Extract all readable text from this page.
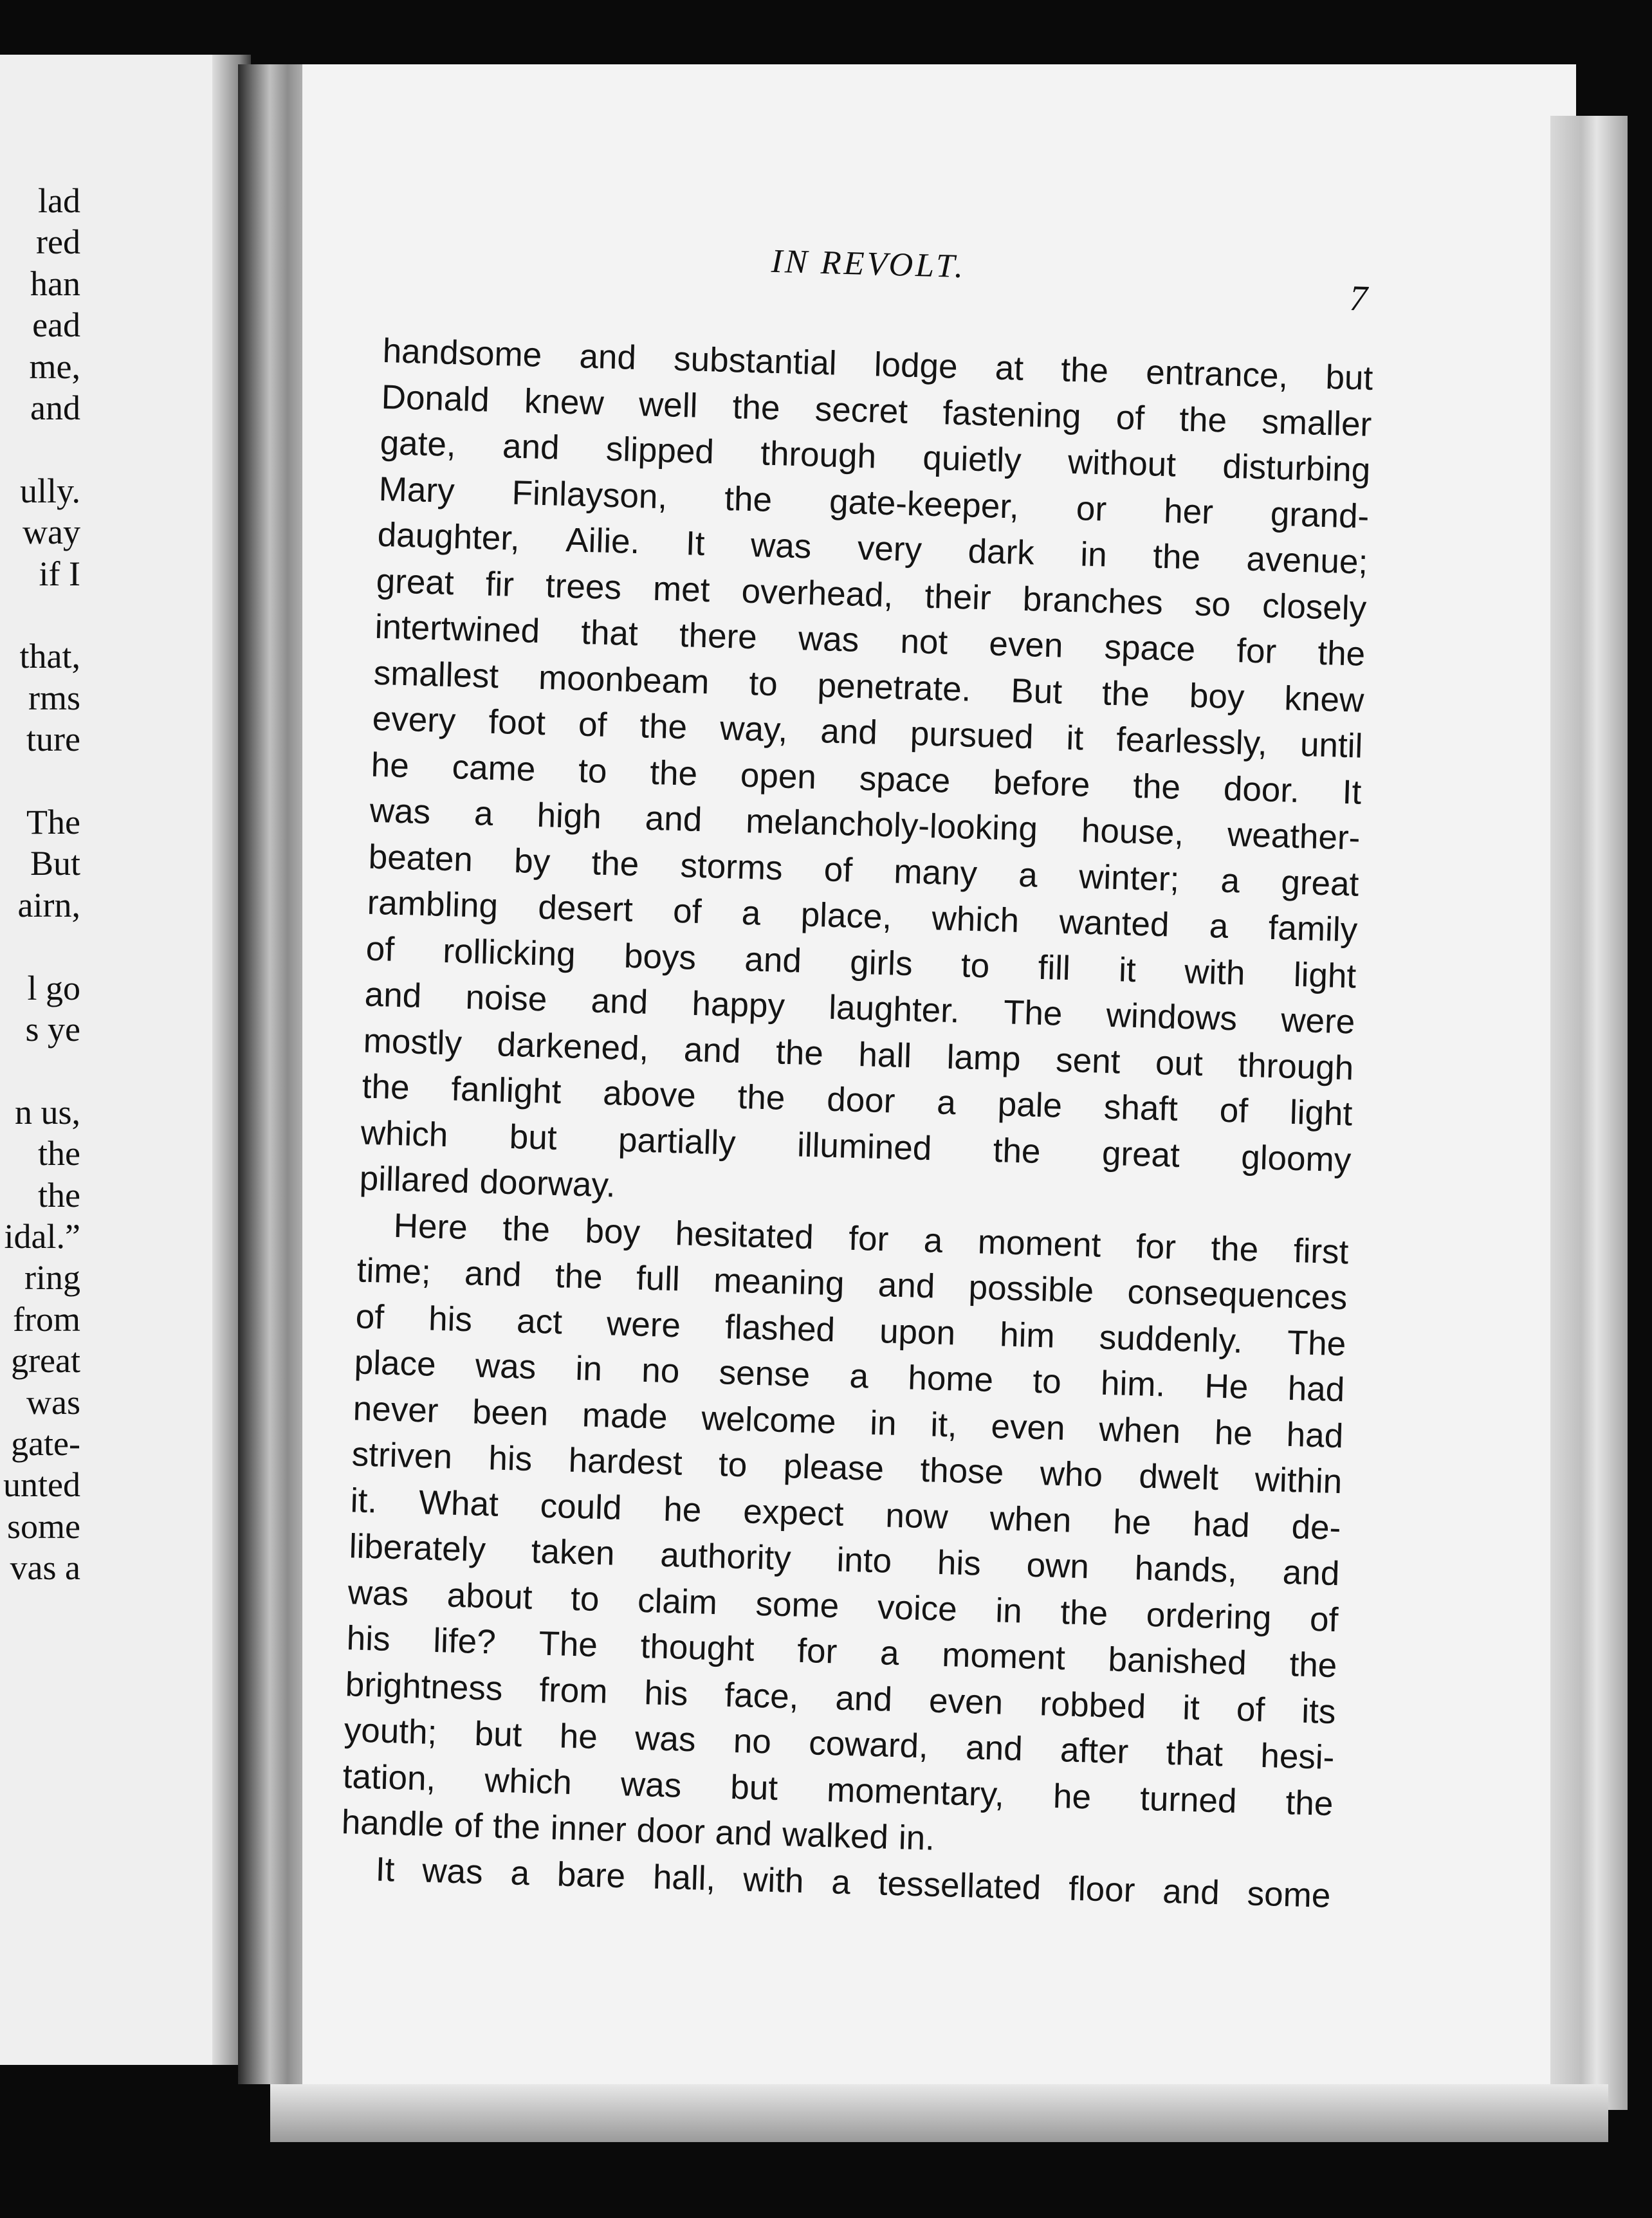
lad
red
han
ead
me,
and
ully.
way
if I
that,
rms
ture
The
But
airn,
l go
s ye
n us,
the
the
idal.”
ring
from
great
was
gate-
unted
some
vas a
IN REVOLT.
7
handsome and substantial lodge at the entrance, but
Donald knew well the secret fastening of the smaller
gate, and slipped through quietly without disturbing
Mary Finlayson, the gate-keeper, or her grand-
daughter, Ailie. It was very dark in the avenue;
great fir trees met overhead, their branches so closely
intertwined that there was not even space for the
smallest moonbeam to penetrate. But the boy knew
every foot of the way, and pursued it fearlessly, until
he came to the open space before the door. It
was a high and melancholy-looking house, weather-
beaten by the storms of many a winter; a great
rambling desert of a place, which wanted a family
of rollicking boys and girls to fill it with light
and noise and happy laughter. The windows were
mostly darkened, and the hall lamp sent out through
the fanlight above the door a pale shaft of light
which but partially illumined the great gloomy
pillared doorway.
Here the boy hesitated for a moment for the first
time; and the full meaning and possible consequences
of his act were flashed upon him suddenly. The
place was in no sense a home to him. He had
never been made welcome in it, even when he had
striven his hardest to please those who dwelt within
it. What could he expect now when he had de-
liberately taken authority into his own hands, and
was about to claim some voice in the ordering of
his life? The thought for a moment banished the
brightness from his face, and even robbed it of its
youth; but he was no coward, and after that hesi-
tation, which was but momentary, he turned the
handle of the inner door and walked in.
It was a bare hall, with a tessellated floor and some
